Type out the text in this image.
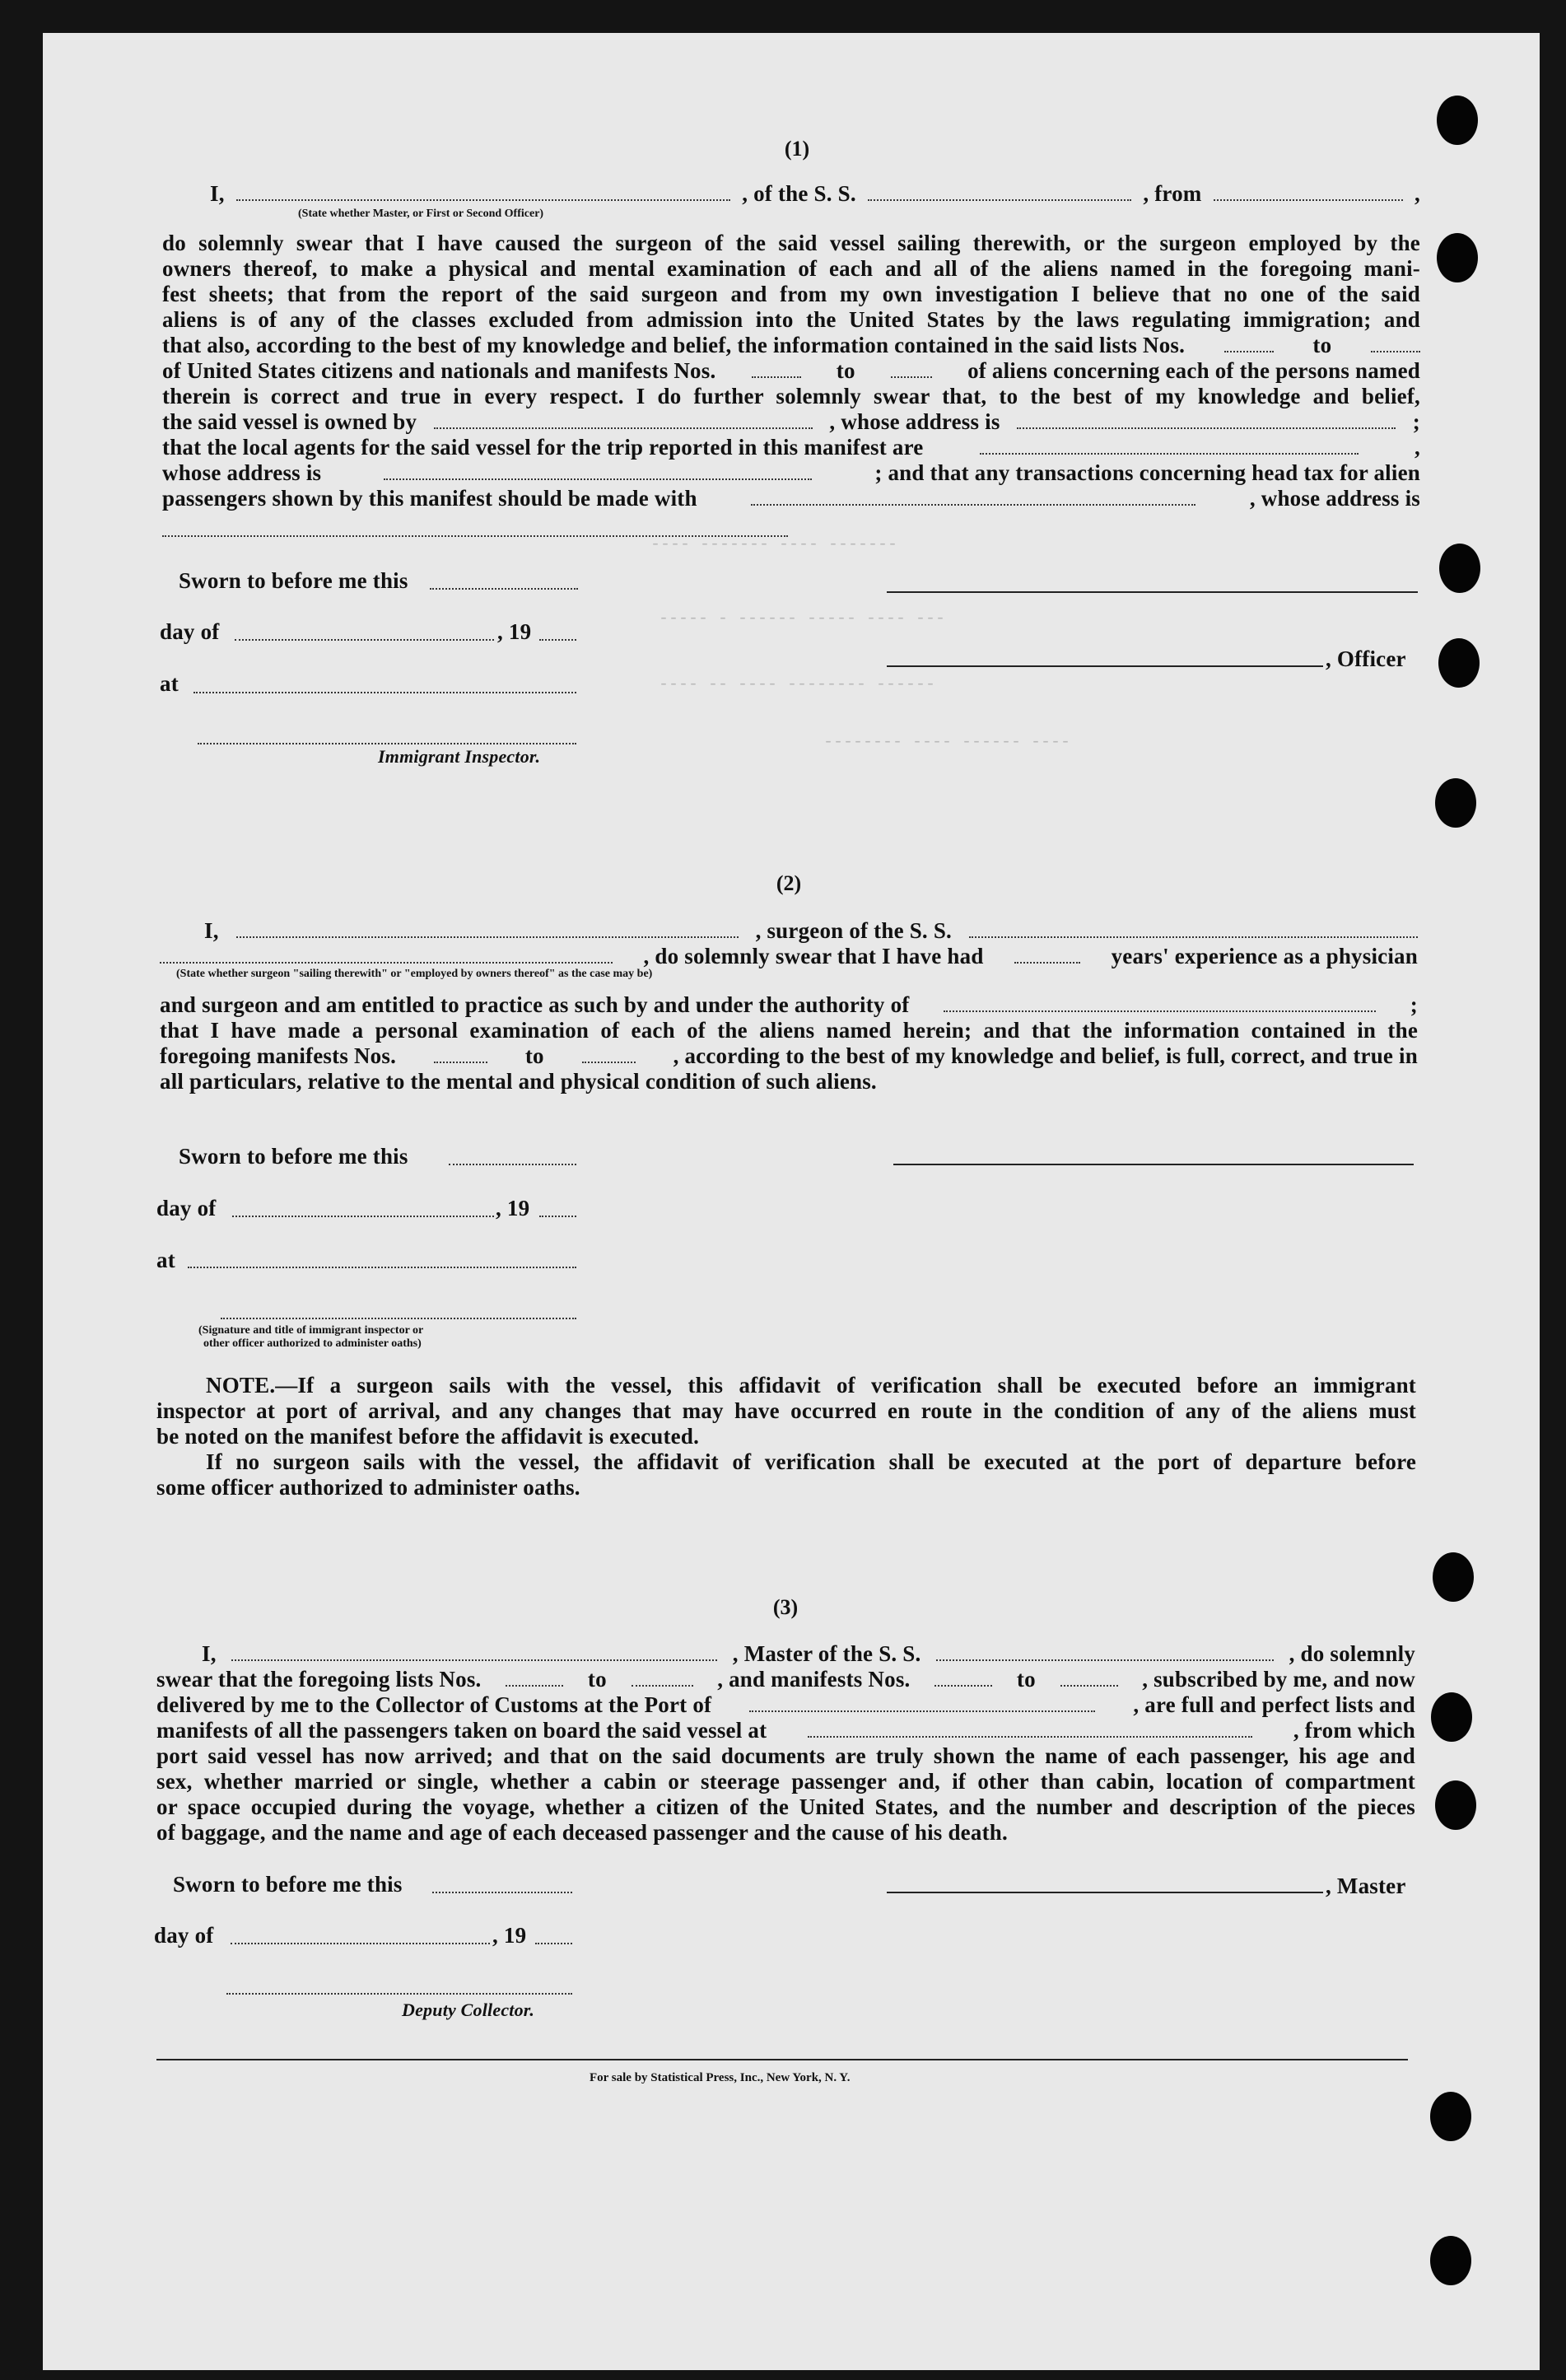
---- ------- ---- -------
----- - ------ ----- ---- ---
---- -- ---- -------- ------
-------- ---- ------ ----
(1)
I,	, of the S. S.	, from	,
(State whether Master, or First or Second Officer)
do solemnly swear that I have caused the surgeon of the said vessel sailing therewith, or the surgeon employed by the
owners thereof, to make a physical and mental examination of each and all of the aliens named in the foregoing mani-
fest sheets; that from the report of the said surgeon and from my own investigation I believe that no one of the said
aliens is of any of the classes excluded from admission into the United States by the laws regulating immigration; and
that also, according to the best of my knowledge and belief, the information contained in the said lists Nos.	to
of United States citizens and nationals and manifests Nos.	to	of aliens concerning each of the persons named
therein is correct and true in every respect. I do further solemnly swear that, to the best of my knowledge and belief,
the said vessel is owned by	, whose address is	;
that the local agents for the said vessel for the trip reported in this manifest are	,
whose address is	; and that any transactions concerning head tax for alien
passengers shown by this manifest should be made with	, whose address is
Sworn to before me this
day of	, 19
, Officer
at
Immigrant Inspector.
(2)
I,	, surgeon of the S. S.
, do solemnly swear that I have had	years' experience as a physician
(State whether surgeon "sailing therewith" or "employed by owners thereof" as the case may be)
and surgeon and am entitled to practice as such by and under the authority of	;
that I have made a personal examination of each of the aliens named herein; and that the information contained in the
foregoing manifests Nos.	to	, according to the best of my knowledge and belief, is full, correct, and true in
all particulars, relative to the mental and physical condition of such aliens.
Sworn to before me this
day of	, 19
at
(Signature and title of immigrant inspector or
other officer authorized to administer oaths)
NOTE.—If a surgeon sails with the vessel, this affidavit of verification shall be executed before an immigrant
inspector at port of arrival, and any changes that may have occurred en route in the condition of any of the aliens must
be noted on the manifest before the affidavit is executed.
If no surgeon sails with the vessel, the affidavit of verification shall be executed at the port of departure before
some officer authorized to administer oaths.
(3)
I,	, Master of the S. S.	, do solemnly
swear that the foregoing lists Nos.	to	, and manifests Nos.	to	, subscribed by me, and now
delivered by me to the Collector of Customs at the Port of	, are full and perfect lists and
manifests of all the passengers taken on board the said vessel at	, from which
port said vessel has now arrived; and that on the said documents are truly shown the name of each passenger, his age and
sex, whether married or single, whether a cabin or steerage passenger and, if other than cabin, location of compartment
or space occupied during the voyage, whether a citizen of the United States, and the number and description of the pieces
of baggage, and the name and age of each deceased passenger and the cause of his death.
Sworn to before me this	, Master
day of	, 19
Deputy Collector.
For sale by Statistical Press, Inc., New York, N. Y.
